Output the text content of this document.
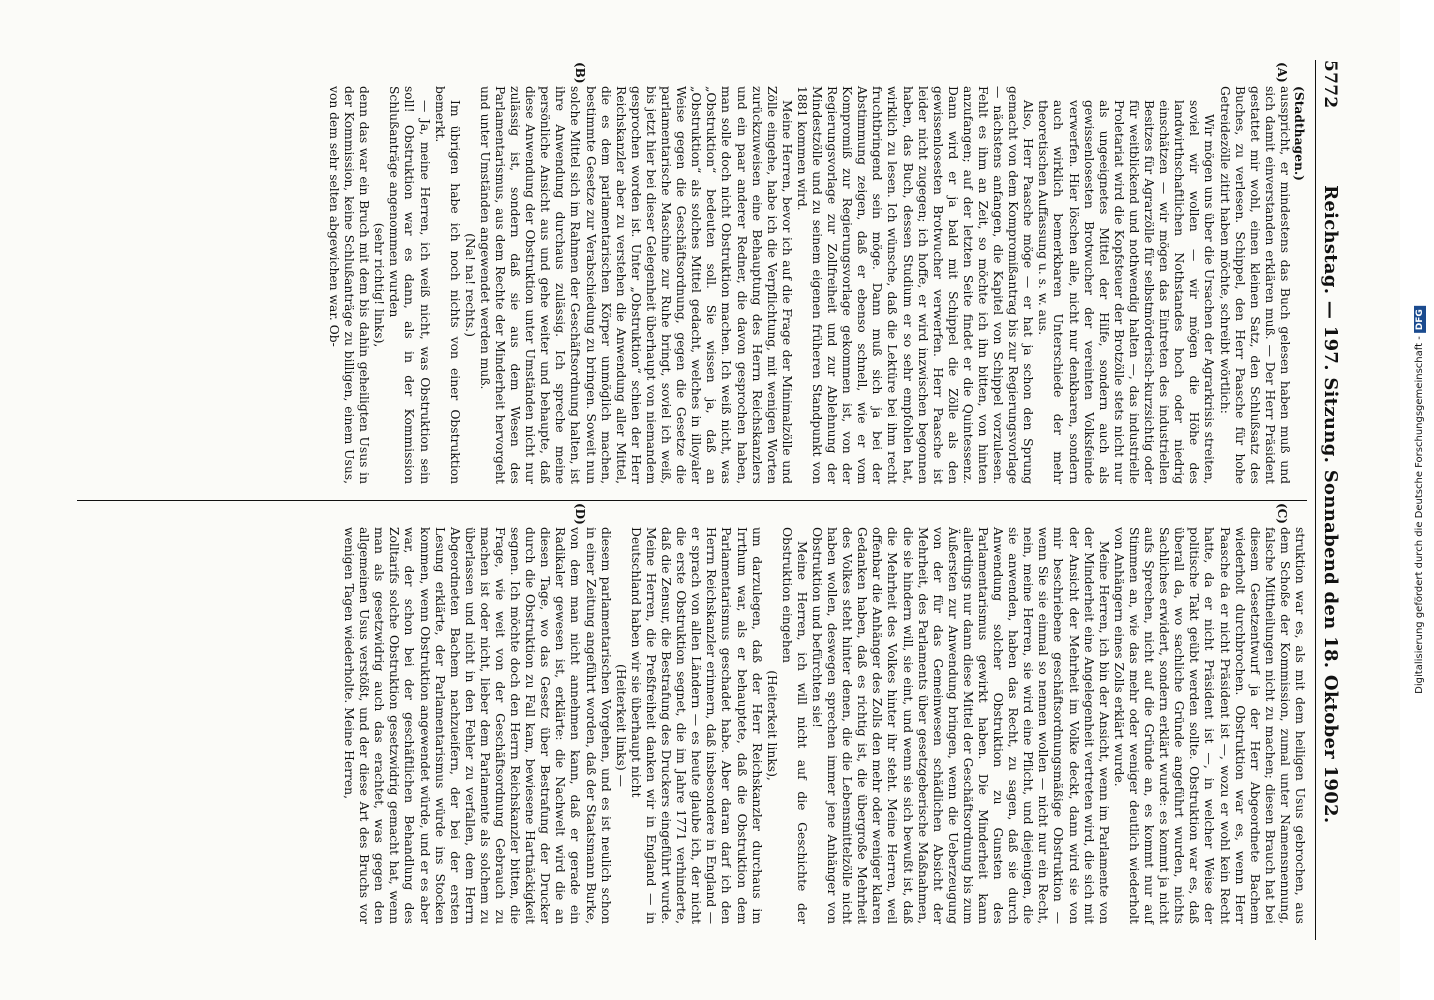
5772
Reichstag. — 197. Sitzung. Sonnabend den 18. Oktober 1902.
(A)
(B)

(Stadthagen.)

ausspricht, er mindestens das Buch gelesen haben muß und sich damit einverstanden erklären muß. — Der Herr Präsident gestattet mir wohl, einen kleinen Satz, den Schlußsatz des Buches, zu verlesen. Schippel, den Herr Paasche für hohe Getreidezölle zitirt haben möchte, schreibt wörtlich:

Wir mögen uns über die Ursachen der Agrarkrisis streiten, soviel wir wollen — wir mögen die Höhe des landwirthschaftlichen Nothstandes hoch oder niedrig einschätzen — wir mögen das Eintreten des industriellen Besitzes für Agrarzölle für selbstmörderisch-kurzsichtig oder für weitblickend und nothwendig halten —, das industrielle Proletariat wird die Kopfsteuer der Brotzölle stets nicht nur als ungeeignetes Mittel der Hilfe, sondern auch als gewissenlosesten Brotwucher der vereinten Volksfeinde verwerfen. Hier löschen alle, nicht nur denkbaren, sondern auch wirklich bemerkbaren Unterschiede der mehr theoretischen Auffassung u. s. w. aus.

Also, Herr Paasche möge — er hat ja schon den Sprung gemacht von dem Kompromißantrag bis zur Regierungsvorlage — nächstens anfangen, die Kapitel von Schippel vorzulesen. Fehlt es ihm an Zeit, so möchte ich ihn bitten, von hinten anzufangen; auf der letzten Seite findet er die Quintessenz. Dann wird er ja bald mit Schippel die Zölle als den gewissenlosesten Brotwucher verwerfen. Herr Paasche ist leider nicht zugegen; ich hoffe, er wird inzwischen begonnen haben, das Buch, dessen Studium er so sehr empfohlen hat, wirklich zu lesen. Ich wünsche, daß die Lektüre bei ihm recht fruchtbringend sein möge. Dann muß sich ja bei der Abstimmung zeigen, daß er ebenso schnell, wie er vom Kompromiß zur Regierungsvorlage gekommen ist, von der Regierungsvorlage zur Zollfreiheit und zur Ablehnung der Mindestzölle und zu seinem eigenen früheren Standpunkt von 1881 kommen wird.

Meine Herren, bevor ich auf die Frage der Minimalzölle und Zölle eingehe, habe ich die Verpflichtung, mit wenigen Worten zurückzuweisen eine Behauptung des Herrn Reichskanzlers und ein paar anderer Redner, die davon gesprochen haben, man solle doch nicht Obstruktion machen. Ich weiß nicht, was „Obstruktion“ bedeuten soll. Sie wissen ja, daß an „Obstruktion“ als solches Mittel gedacht, welches in illoyaler Weise gegen die Geschäftsordnung, gegen die Gesetze die parlamentarische Maschine zur Ruhe bringt, soviel ich weiß, bis jetzt hier bei dieser Gelegenheit überhaupt von niemandem gesprochen worden ist. Unter „Obstruktion“ schien der Herr Reichskanzler aber zu verstehen die Anwendung aller Mittel, die es dem parlamentarischen Körper unmöglich machen, bestimmte Gesetze zur Verabschiedung zu bringen. Soweit nun solche Mittel sich im Rahmen der Geschäftsordnung halten, ist ihre Anwendung durchaus zulässig. Ich spreche meine persönliche Ansicht aus und gehe weiter und behaupte, daß diese Anwendung der Obstruktion unter Umständen nicht nur zulässig ist, sondern daß sie aus dem Wesen des Parlamentarismus, aus dem Rechte der Minderheit hervorgeht und unter Umständen angewendet werden muß.

(Na! na! rechts.)

Im übrigen habe ich noch nichts von einer Obstruktion bemerkt.

— Ja, meine Herren, ich weiß nicht, was Obstruktion sein soll! Obstruktion war es dann, als in der Kommission Schlußanträge angenommen wurden

(sehr richtig! links),

denn das war ein Bruch mit dem bis dahin geheiligten Usus in der Kommission, keine Schlußanträge zu billigen, einem Usus, von dem sehr selten abgewichen war. Ob-

(C)
(D)

struktion war es, als mit dem heiligen Usus gebrochen, aus dem Schoße der Kommission, zumal unter Namensnennung, falsche Mittheilungen nicht zu machen; diesen Brauch hat bei diesem Gesetzentwurf ja der Herr Abgeordnete Bachem wiederholt durchbrochen. Obstruktion war es, wenn Herr Paasche da er nicht Präsident ist —, wozu er wohl kein Recht hatte, da er nicht Präsident ist —, in welcher Weise der politische Takt geübt werden sollte. Obstruktion war es, daß überall da, wo sachliche Gründe angeführt wurden, nichts Sachliches erwidert, sondern erklärt wurde: es kommt ja nicht aufs Sprechen, nicht auf die Gründe an, es kommt nur auf Stimmen an, wie das mehr oder weniger deutlich wiederholt von Anhängern eines Zolls erklärt wurde.

Meine Herren, ich bin der Ansicht, wenn im Parlamente von der Minderheit eine Angelegenheit vertreten wird, die sich mit der Ansicht der Mehrheit im Volke deckt, dann wird sie von mir beschriebene geschäftsordnungsmäßige Obstruktion — wenn Sie sie einmal so nennen wollen — nicht nur ein Recht, nein, meine Herren, sie wird eine Pflicht, und diejenigen, die sie anwenden, haben das Recht, zu sagen, daß sie durch Anwendung solcher Obstruktion zu Gunsten des Parlamentarismus gewirkt haben. Die Minderheit kann allerdings nur dann diese Mittel der Geschäftsordnung bis zum Äußersten zur Anwendung bringen, wenn die Ueberzeugung von der für das Gemeinwesen schädlichen Absicht der Mehrheit, des Parlaments über gesetzgeberische Maßnahmen, die sie hindern will, sie eint, und wenn sie sich bewußt ist, daß die Mehrheit des Volkes hinter ihr steht. Meine Herren, weil offenbar die Anhänger des Zolls den mehr oder weniger klaren Gedanken haben, daß es richtig ist, die übergroße Mehrheit des Volkes steht hinter denen, die die Lebensmittelzölle nicht haben wollen, deswegen sprechen immer jene Anhänger von Obstruktion und befürchten sie!

Meine Herren, ich will nicht auf die Geschichte der Obstruktion eingehen

(Heiterkeit links),

um darzulegen, daß der Herr Reichskanzler durchaus im Irrthum war, als er behauptete, daß die Obstruktion dem Parlamentarismus geschadet habe. Aber daran darf ich den Herrn Reichskanzler erinnern, daß insbesondere in England — er sprach von allen Ländern — es heute glaube ich, der nicht die erste Obstruktion segnet, die im Jahre 1771 verhinderte, daß die Zensur, die Bestrafung des Druckers eingeführt wurde. Meine Herren, die Preßfreiheit danken wir in England — in Deutschland haben wir sie überhaupt nicht

(Heiterkeit links) —

diesem parlamentarischen Vorgehen, und es ist neulich schon in einer Zeitung angeführt worden, daß der Staatsmann Burke, von dem man nicht annehmen kann, daß er gerade ein Radikaler gewesen ist, erklärte: die Nachwelt wird die an diesen Tage, wo das Gesetz über Bestrafung der Drucker durch die Obstruktion zu Fall kam, bewiesene Hartnäckigkeit segnen. Ich möchte doch den Herrn Reichskanzler bitten, die Frage, wie weit von der Geschäftsordnung Gebrauch zu machen ist oder nicht, lieber dem Parlamente als solchem zu überlassen und nicht in den Fehler zu verfallen, dem Herrn Abgeordneten Bachem nachzueifern, der bei der ersten Lesung erklärte, der Parlamentarismus würde ins Stocken kommen, wenn Obstruktion angewendet würde, und er es aber war, der schon bei der geschäftlichen Behandlung des Zolltarifs solche Obstruktion gesetzwidrig gemacht hat, wenn man als gesetzwidrig auch das erachtet, was gegen den allgemeinen Usus verstößt, und der diese Art des Bruchs vor wenigen Tagen wiederholte. Meine Herren,	Digitalisierung gefördert durch die Deutsche Forschungsgemeinschaft -DFG
